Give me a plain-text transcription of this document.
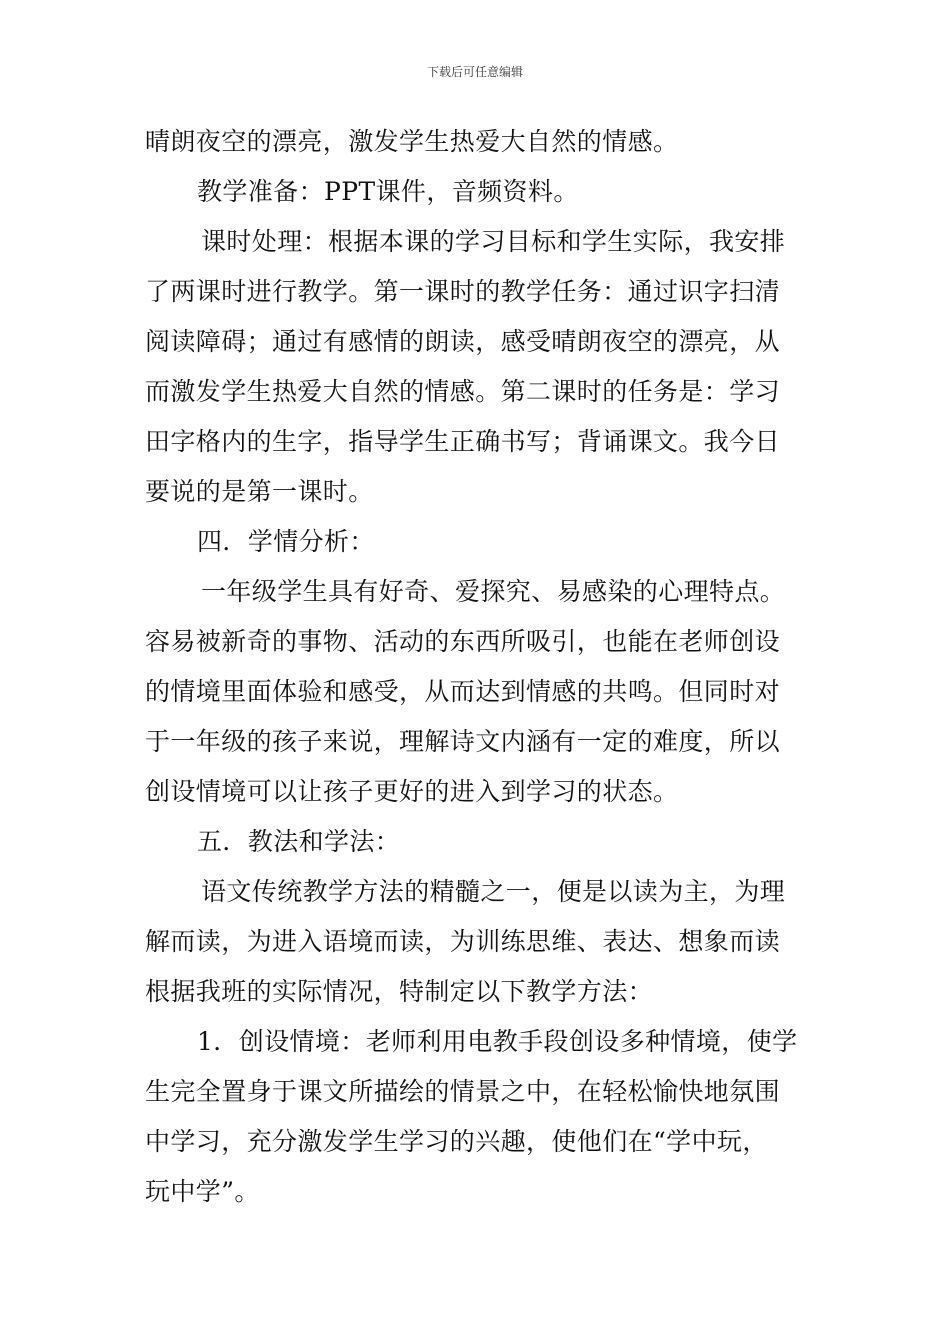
下载后可任意编辑
晴朗夜空的漂亮，激发学生热爱大自然的情感。
教学准备：PPT课件，音频资料。
课时处理：根据本课的学习目标和学生实际，我安排
了两课时进行教学。第一课时的教学任务：通过识字扫清
阅读障碍；通过有感情的朗读，感受晴朗夜空的漂亮，从
而激发学生热爱大自然的情感。第二课时的任务是：学习
田字格内的生字，指导学生正确书写；背诵课文。我今日
要说的是第一课时。
四．学情分析：
一年级学生具有好奇、爱探究、易感染的心理特点。
容易被新奇的事物、活动的东西所吸引，也能在老师创设
的情境里面体验和感受，从而达到情感的共鸣。但同时对
于一年级的孩子来说，理解诗文内涵有一定的难度，所以
创设情境可以让孩子更好的进入到学习的状态。
五．教法和学法：
语文传统教学方法的精髓之一，便是以读为主，为理
解而读，为进入语境而读，为训练思维、表达、想象而读
根据我班的实际情况，特制定以下教学方法：
1．创设情境：老师利用电教手段创设多种情境，使学
生完全置身于课文所描绘的情景之中，在轻松愉快地氛围
中学习，充分激发学生学习的兴趣，使他们在“学中玩，
玩中学”。
